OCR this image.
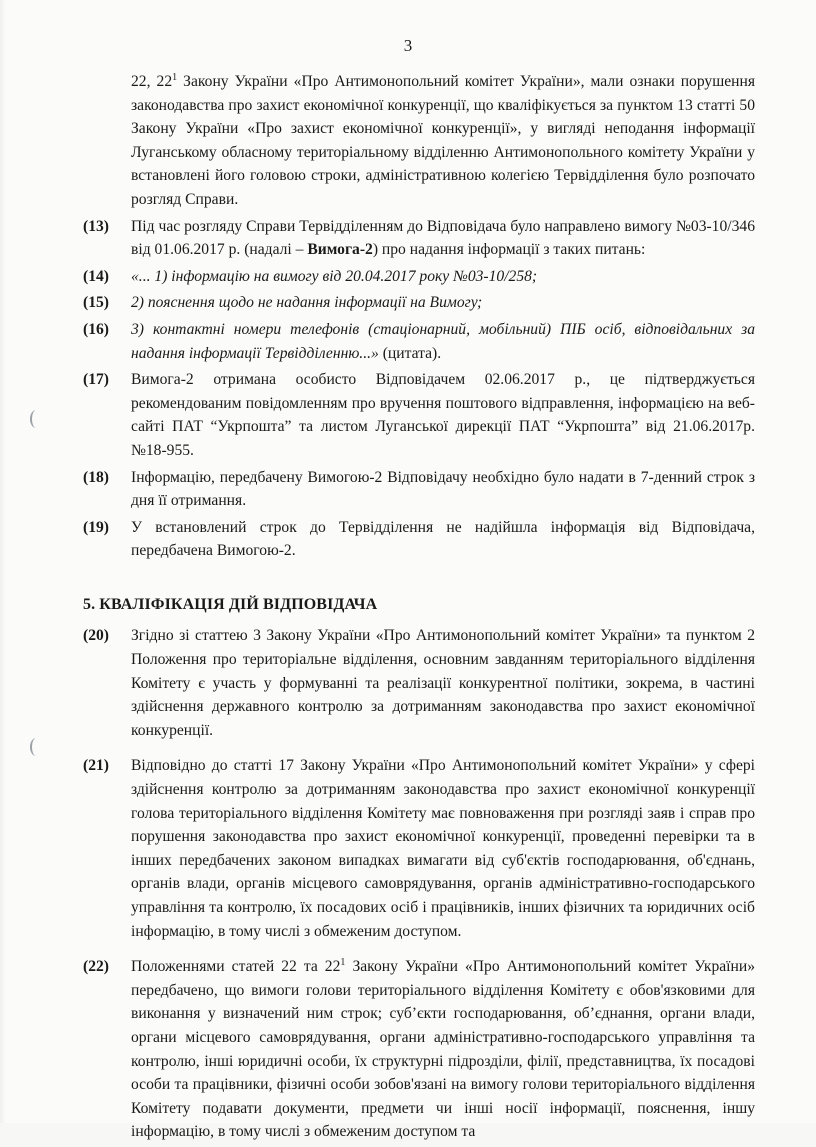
3

22, $22^1$ Закону України «Про Антимонопольний комітет України», мали ознаки порушення законодавства про захист економічної конкуренції, що кваліфікується за пунктом 13 статті 50 Закону України «Про захист економічної конкуренції», у вигляді неподання інформації Луганському обласному територіальному відділенню Антимонопольного комітету України у встановлені його головою строки, адміністративною колегією Тервідділення було розпочато розгляд Справи.

(13)	Під час розгляду Справи Тервідділенням до Відповідача було направлено вимогу №03-10/346 від 01.06.2017 р. (надалі – Вимога-2) про надання інформації з таких питань:
(14)	«... 1) інформацію на вимогу від 20.04.2017 року №03-10/258;
(15)	2) пояснення щодо не надання інформації на Вимогу;
(16)	3) контактні номери телефонів (стаціонарний, мобільний) ПІБ осіб, відповідальних за надання інформації Тервідділенню...» (цитата).
(17)	Вимога-2 отримана особисто Відповідачем 02.06.2017 р., це підтверджується рекомендованим повідомленням про вручення поштового відправлення, інформацією на веб-сайті ПАТ “Укрпошта” та листом Луганської дирекції ПАТ “Укрпошта” від 21.06.2017р. №18-955.
(18)	Інформацію, передбачену Вимогою-2 Відповідачу необхідно було надати в 7-денний строк з дня її отримання.
(19)	У встановлений строк до Тервідділення не надійшла інформація від Відповідача, передбачена Вимогою-2.
5. КВАЛІФІКАЦІЯ ДІЙ ВІДПОВІДАЧА
(20)	Згідно зі статтею 3 Закону України «Про Антимонопольний комітет України» та пунктом 2 Положення про територіальне відділення, основним завданням територіального відділення Комітету є участь у формуванні та реалізації конкурентної політики, зокрема, в частині здійснення державного контролю за дотриманням законодавства про захист економічної конкуренції.
(21)	Відповідно до статті 17 Закону України «Про Антимонопольний комітет України» у сфері здійснення контролю за дотриманням законодавства про захист економічної конкуренції голова територіального відділення Комітету має повноваження при розгляді заяв і справ про порушення законодавства про захист економічної конкуренції, проведенні перевірки та в інших передбачених законом випадках вимагати від суб'єктів господарювання, об'єднань, органів влади, органів місцевого самоврядування, органів адміністративно-господарського управління та контролю, їх посадових осіб і працівників, інших фізичних та юридичних осіб інформацію, в тому числі з обмеженим доступом.
(22)	Положеннями статей 22 та $22^1$ Закону України «Про Антимонопольний комітет України» передбачено, що вимоги голови територіального відділення Комітету є обов'язковими для виконання у визначений ним строк; суб’єкти господарювання, об’єднання, органи влади, органи місцевого самоврядування, органи адміністративно-господарського управління та контролю, інші юридичні особи, їх структурні підрозділи, філії, представництва, їх посадові особи та працівники, фізичні особи зобов'язані на вимогу голови територіального відділення Комітету подавати документи, предмети чи інші носії інформації, пояснення, іншу інформацію, в тому числі з обмеженим доступом та
